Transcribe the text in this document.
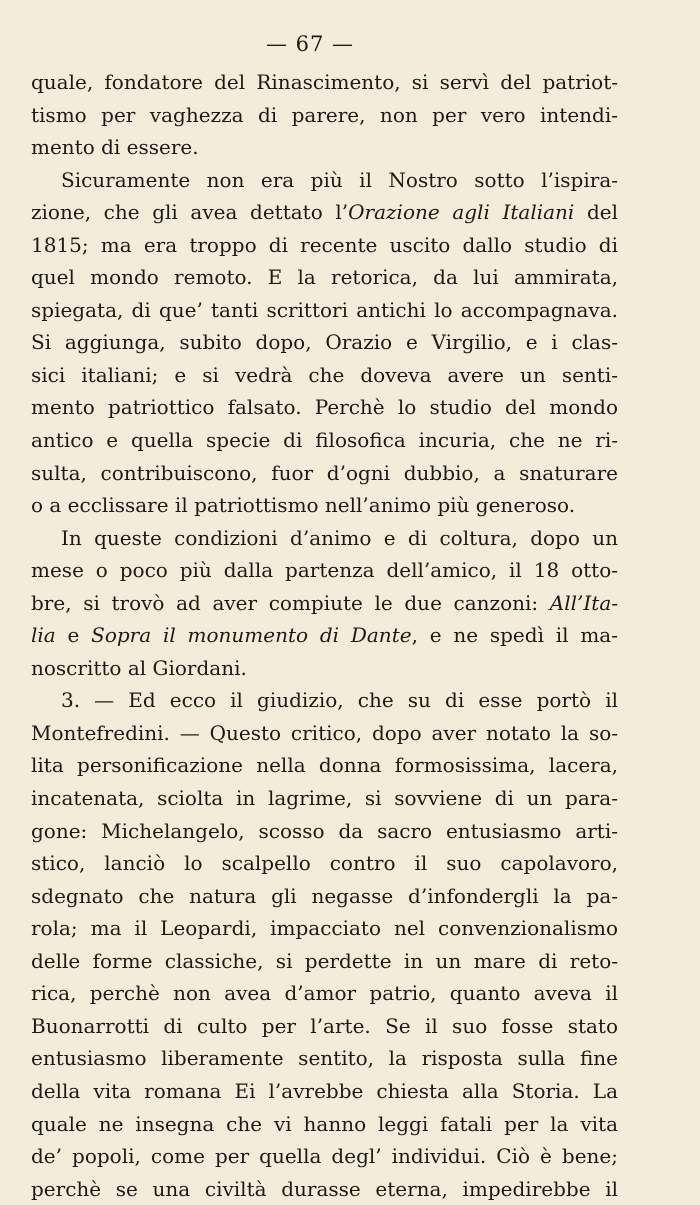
— 67 —
quale, fondatore del Rinascimento, si servì del patriot-
tismo per vaghezza di parere, non per vero intendi-
mento di essere.
Sicuramente non era più il Nostro sotto l’ispira-
zione, che gli avea dettato l’Orazione agli Italiani del
1815; ma era troppo di recente uscito dallo studio di
quel mondo remoto. E la retorica, da lui ammirata,
spiegata, di que’ tanti scrittori antichi lo accompagnava.
Si aggiunga, subito dopo, Orazio e Virgilio, e i clas-
sici italiani; e si vedrà che doveva avere un senti-
mento patriottico falsato. Perchè lo studio del mondo
antico e quella specie di filosofica incuria, che ne ri-
sulta, contribuiscono, fuor d’ogni dubbio, a snaturare
o a ecclissare il patriottismo nell’animo più generoso.
In queste condizioni d’animo e di coltura, dopo un
mese o poco più dalla partenza dell’amico, il 18 otto-
bre, si trovò ad aver compiute le due canzoni: All’Ita-
lia e Sopra il monumento di Dante, e ne spedì il ma-
noscritto al Giordani.
3. — Ed ecco il giudizio, che su di esse portò il
Montefredini. — Questo critico, dopo aver notato la so-
lita personificazione nella donna formosissima, lacera,
incatenata, sciolta in lagrime, si sovviene di un para-
gone: Michelangelo, scosso da sacro entusiasmo arti-
stico, lanciò lo scalpello contro il suo capolavoro,
sdegnato che natura gli negasse d’infondergli la pa-
rola; ma il Leopardi, impacciato nel convenzionalismo
delle forme classiche, si perdette in un mare di reto-
rica, perchè non avea d’amor patrio, quanto aveva il
Buonarrotti di culto per l’arte. Se il suo fosse stato
entusiasmo liberamente sentito, la risposta sulla fine
della vita romana Ei l’avrebbe chiesta alla Storia. La
quale ne insegna che vi hanno leggi fatali per la vita
de’ popoli, come per quella degl’ individui. Ciò è bene;
perchè se una civiltà durasse eterna, impedirebbe il
